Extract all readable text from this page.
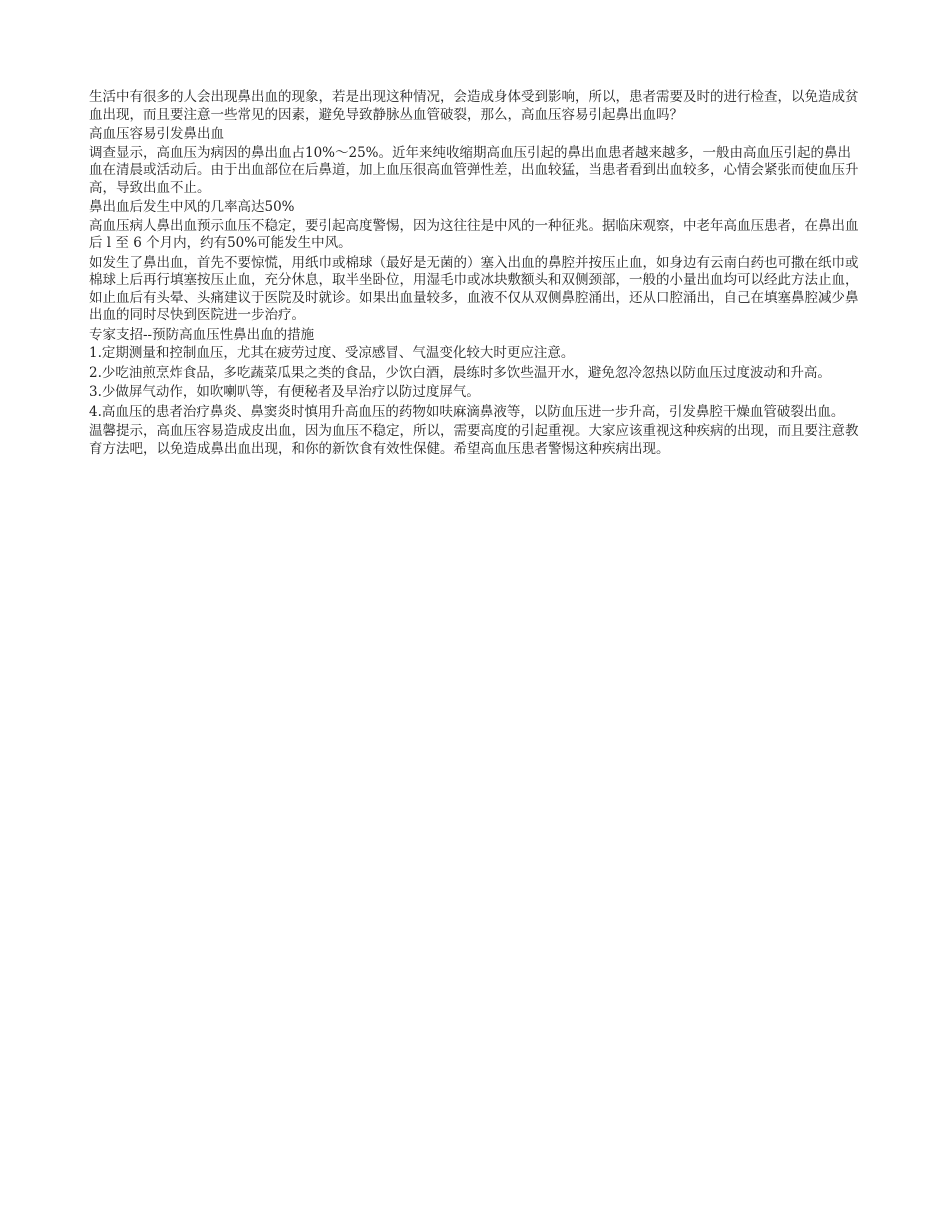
生活中有很多的人会出现鼻出血的现象，若是出现这种情况，会造成身体受到影响，所以，患者需要及时的进行检查，以免造成贫血出现，而且要注意一些常见的因素，避免导致静脉丛血管破裂，那么，高血压容易引起鼻出血吗？

高血压容易引发鼻出血

调查显示，高血压为病因的鼻出血占10%～25%。近年来纯收缩期高血压引起的鼻出血患者越来越多，一般由高血压引起的鼻出血在清晨或活动后。由于出血部位在后鼻道，加上血压很高血管弹性差，出血较猛，当患者看到出血较多，心情会紧张而使血压升高，导致出血不止。

鼻出血后发生中风的几率高达50%

高血压病人鼻出血预示血压不稳定，要引起高度警惕，因为这往往是中风的一种征兆。据临床观察，中老年高血压患者，在鼻出血后 l 至 6 个月内，约有50%可能发生中风。

如发生了鼻出血，首先不要惊慌，用纸巾或棉球（最好是无菌的）塞入出血的鼻腔并按压止血，如身边有云南白药也可撒在纸巾或棉球上后再行填塞按压止血，充分休息，取半坐卧位，用湿毛巾或冰块敷额头和双侧颈部，一般的小量出血均可以经此方法止血，如止血后有头晕、头痛建议于医院及时就诊。如果出血量较多，血液不仅从双侧鼻腔涌出，还从口腔涌出，自己在填塞鼻腔减少鼻出血的同时尽快到医院进一步治疗。

专家支招--预防高血压性鼻出血的措施

1.定期测量和控制血压，尤其在疲劳过度、受凉感冒、气温变化较大时更应注意。

2.少吃油煎烹炸食品，多吃蔬菜瓜果之类的食品，少饮白酒，晨练时多饮些温开水，避免忽冷忽热以防血压过度波动和升高。

3.少做屏气动作，如吹喇叭等，有便秘者及早治疗以防过度屏气。

4.高血压的患者治疗鼻炎、鼻窦炎时慎用升高血压的药物如呋麻滴鼻液等，以防血压进一步升高，引发鼻腔干燥血管破裂出血。

温馨提示，高血压容易造成皮出血，因为血压不稳定，所以，需要高度的引起重视。大家应该重视这种疾病的出现，而且要注意教育方法吧，以免造成鼻出血出现，和你的新饮食有效性保健。希望高血压患者警惕这种疾病出现。
